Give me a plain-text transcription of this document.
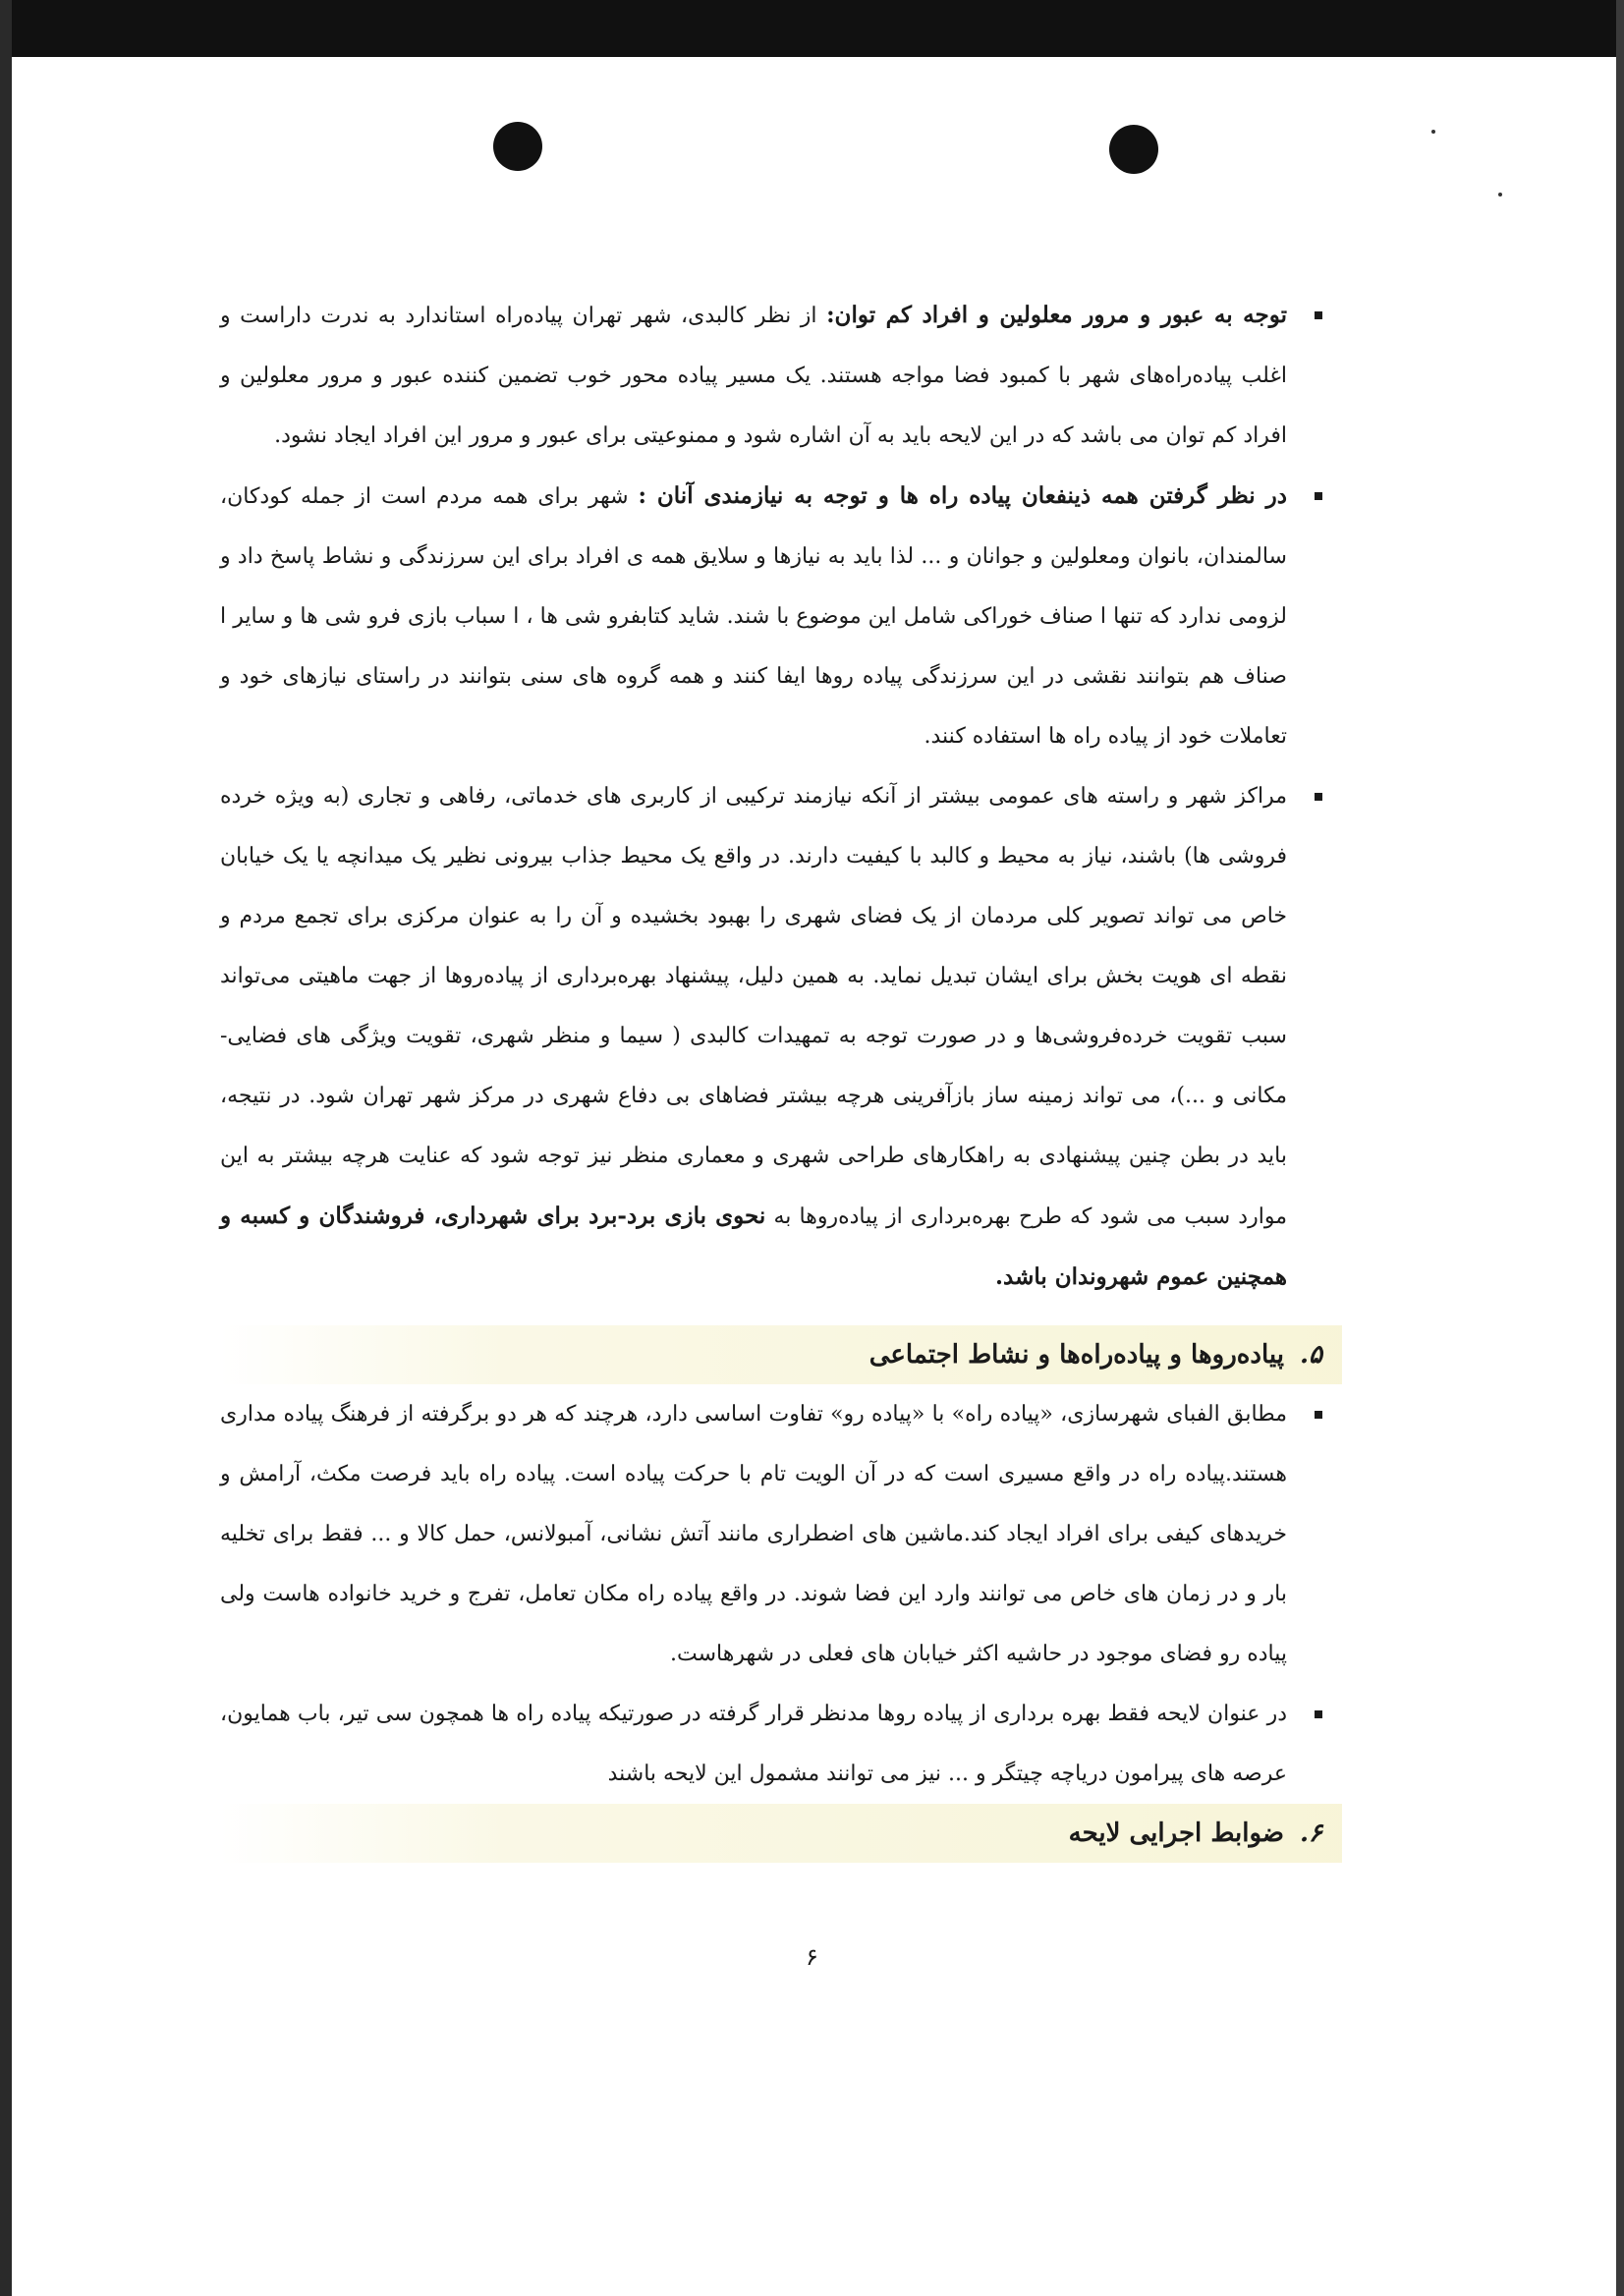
توجه به عبور و مرور معلولین و افراد کم توان: از نظر کالبدی، شهر تهران پیاده‌راه استاندارد به ندرت داراست و اغلب پیاده‌راه‌های شهر با کمبود فضا مواجه هستند. یک مسیر پیاده محور خوب تضمین کننده عبور و مرور معلولین و افراد کم توان می باشد که در این لایحه باید به آن اشاره شود و ممنوعیتی برای عبور و مرور این افراد ایجاد نشود.

در نظر گرفتن همه ذینفعان پیاده راه ها و توجه به نیازمندی آنان : شهر برای همه مردم است از جمله کودکان، سالمندان، بانوان ومعلولین و جوانان و ... لذا باید به نیازها و سلایق همه ی افراد برای این سرزندگی و نشاط پاسخ داد و لزومی ندارد که تنها ا صناف خوراکی شامل این موضوع با شند. شاید کتابفرو شی ها ، ا سباب بازی فرو شی ها و سایر ا صناف هم بتوانند نقشی در این سرزندگی پیاده روها ایفا کنند و همه گروه های سنی بتوانند در راستای نیازهای خود و تعاملات خود از پیاده راه ها استفاده کنند.

مراکز شهر و راسته های عمومی بیشتر از آنکه نیازمند ترکیبی از کاربری های خدماتی، رفاهی و تجاری (به ویژه خرده فروشی ها) باشند، نیاز به محیط و کالبد با کیفیت دارند. در واقع یک محیط جذاب بیرونی نظیر یک میدانچه یا یک خیابان خاص می تواند تصویر کلی مردمان از یک فضای شهری را بهبود بخشیده و آن را به عنوان مرکزی برای تجمع مردم و نقطه ای هویت بخش برای ایشان تبدیل نماید. به همین دلیل، پیشنهاد بهره‌برداری از پیاده‌روها از جهت ماهیتی می‌تواند سبب تقویت خرده‌فروشی‌ها و در صورت توجه به تمهیدات کالبدی ( سیما و منظر شهری، تقویت ویژگی های فضایی-مکانی و ...)، می تواند زمینه ساز بازآفرینی هرچه بیشتر فضاهای بی دفاع شهری در مرکز شهر تهران شود. در نتیجه، باید در بطن چنین پیشنهادی به راهکارهای طراحی شهری و معماری منظر نیز توجه شود که عنایت هرچه بیشتر به این موارد سبب می شود که طرح بهره‌برداری از پیاده‌روها به نحوی بازی برد-برد برای شهرداری، فروشندگان و کسبه و همچنین عموم شهروندان باشد.

۵.پیاده‌روها و پیاده‌راه‌ها و نشاط اجتماعی

مطابق الفبای شهرسازی، «پیاده راه» با «پیاده رو» تفاوت اساسی دارد، هرچند که هر دو برگرفته از فرهنگ پیاده مداری هستند.پیاده راه در واقع مسیری است که در آن الویت تام با حرکت پیاده است. پیاده راه باید فرصت مکث، آرامش و خریدهای کیفی برای افراد ایجاد کند.ماشین های اضطراری مانند آتش نشانی، آمبولانس، حمل کالا و ... فقط برای تخلیه بار و در زمان های خاص می توانند وارد این فضا شوند. در واقع پیاده راه مکان تعامل، تفرج و خرید خانواده هاست ولی پیاده رو فضای موجود در حاشیه اکثر خیابان های فعلی در شهرهاست.

در عنوان لایحه فقط بهره برداری از پیاده روها مدنظر قرار گرفته در صورتیکه پیاده راه ها همچون سی تیر، باب همایون، عرصه های پیرامون دریاچه چیتگر و ... نیز می توانند مشمول این لایحه باشند

۶.ضوابط اجرایی لایحه
۶
